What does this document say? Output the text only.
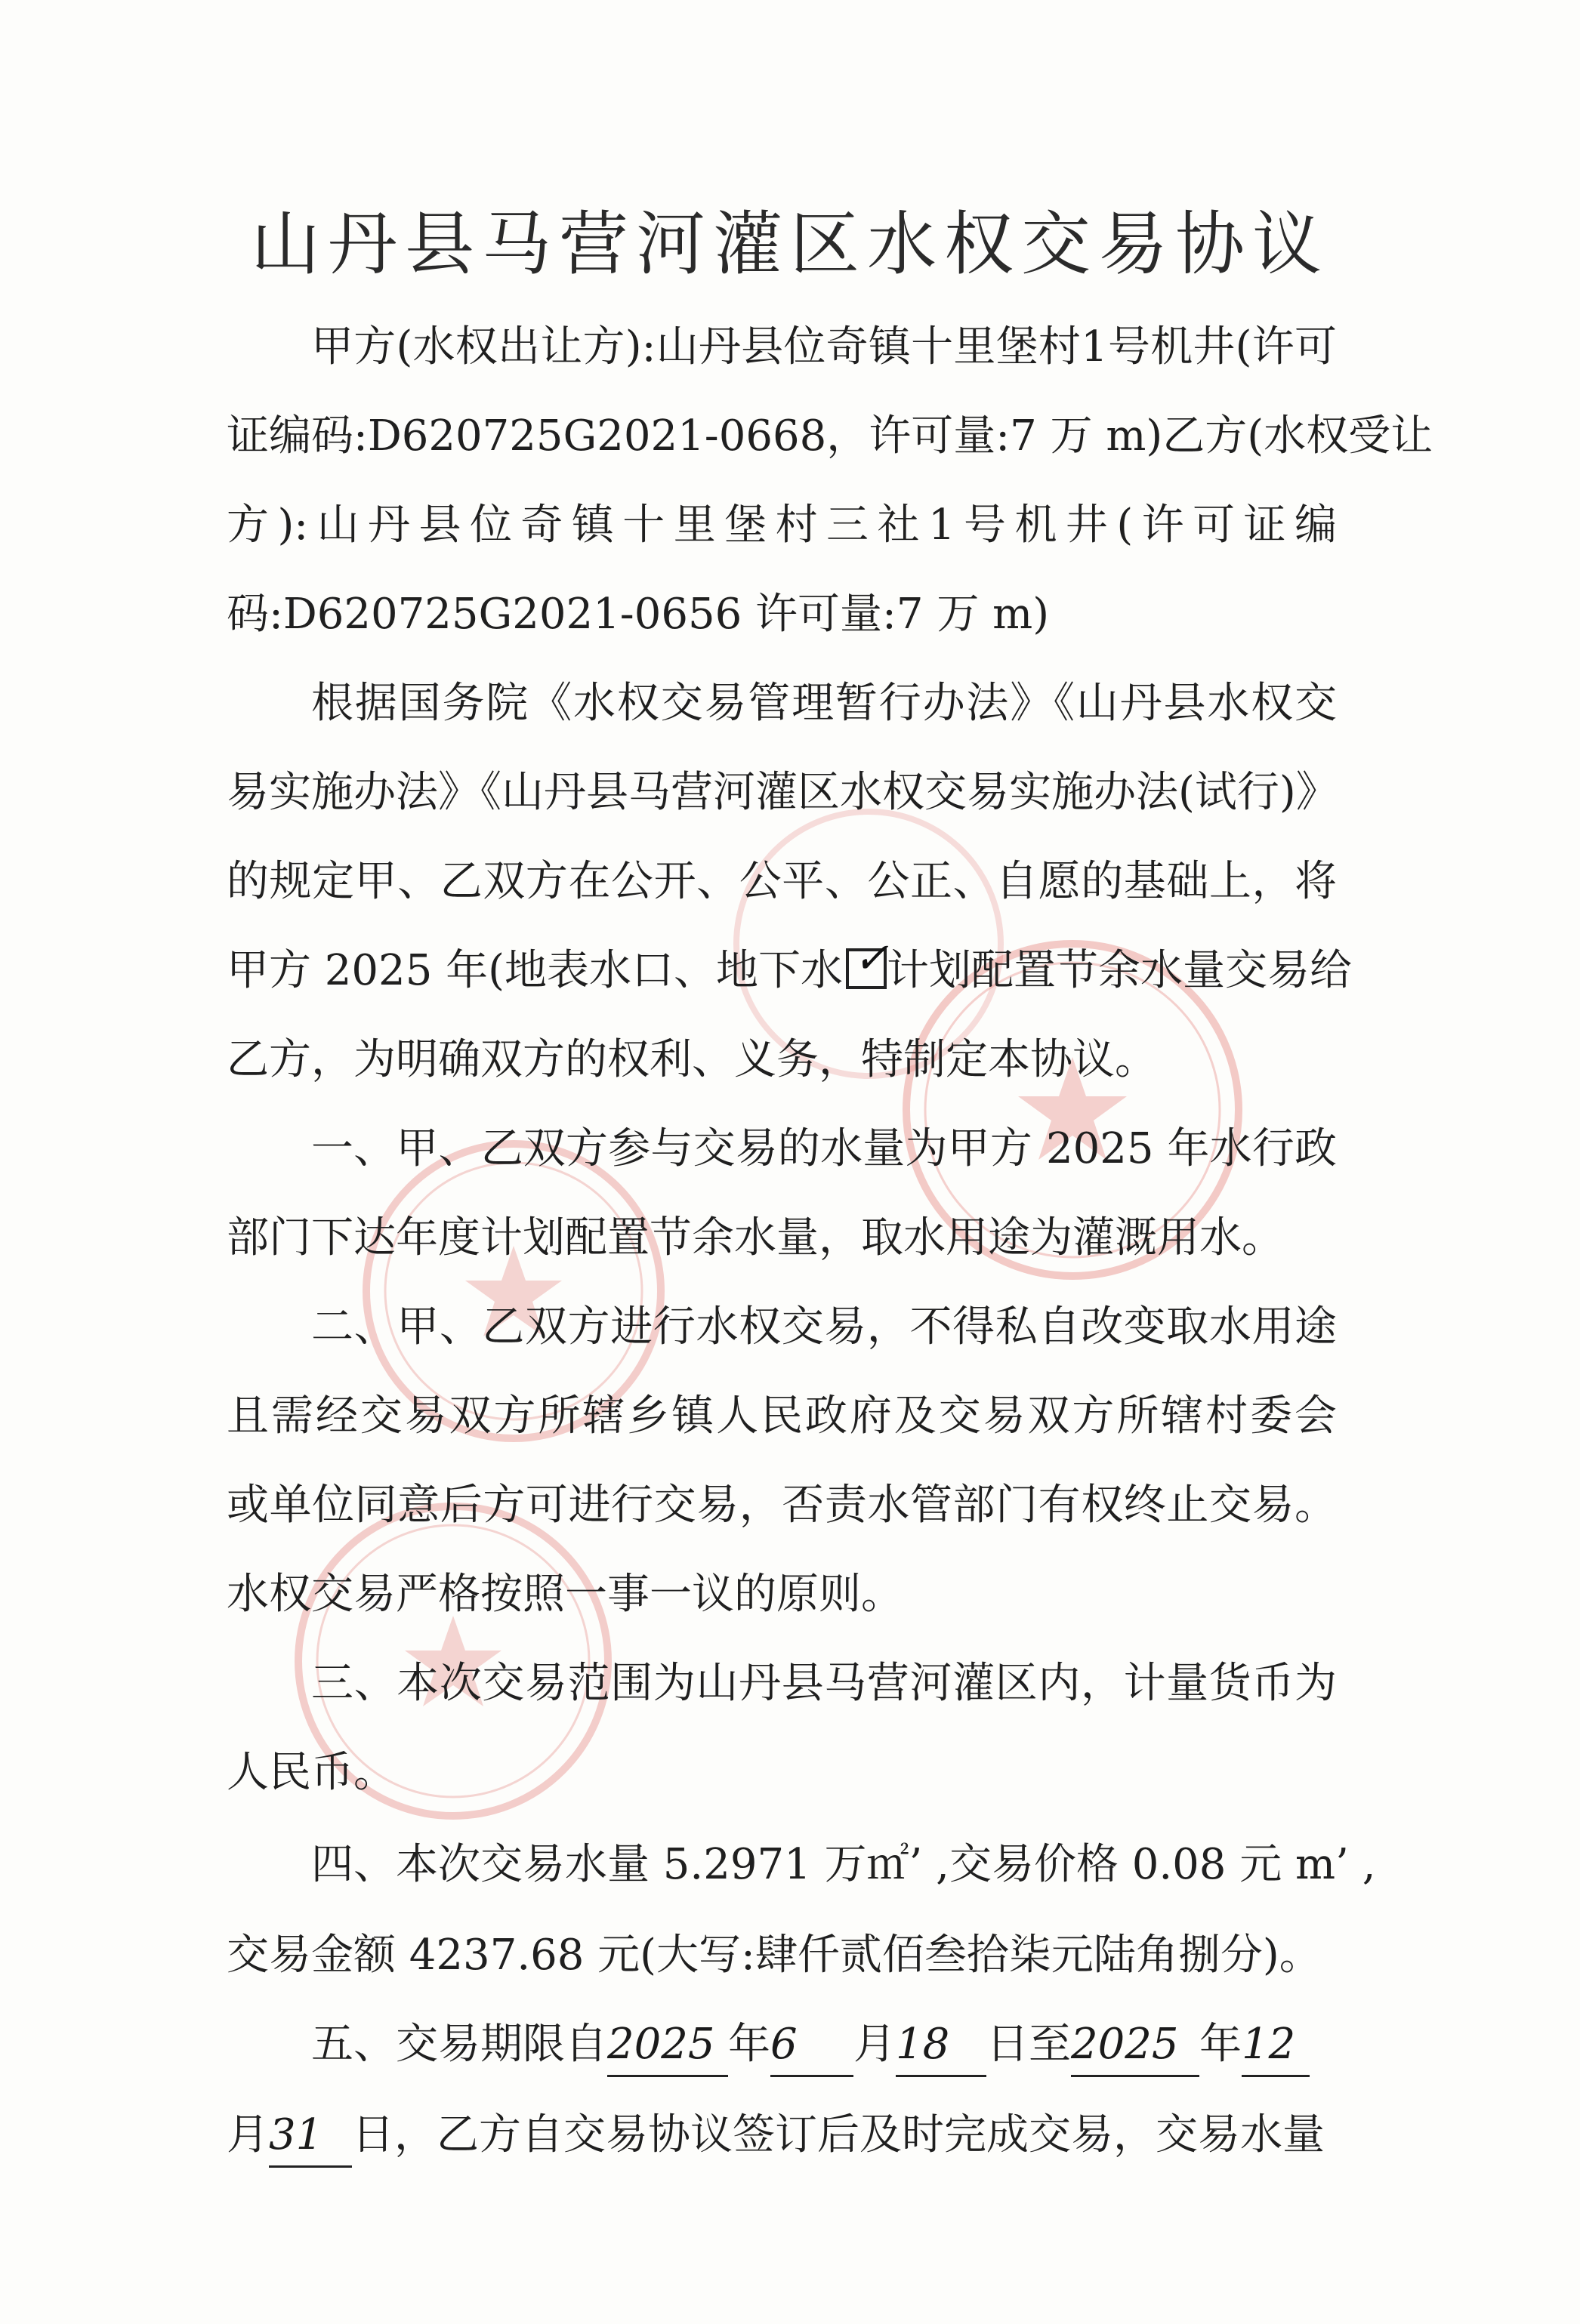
山丹县马营河灌区水权交易协议
甲方(水权出让方):山丹县位奇镇十里堡村1号机井(许可
证编码:D620725G2021-0668，许可量:7 万 m)乙方(水权受让
方):山丹县位奇镇十里堡村三社1号机井(许可证编
码:D620725G2021-0656 许可量:7 万 m)
根据国务院《水权交易管理暂行办法》《山丹县水权交
易实施办法》《山丹县马营河灌区水权交易实施办法(试行)》
的规定甲、乙双方在公开、公平、公正、自愿的基础上，将
甲方 2025 年(地表水口、地下水 ✓
计划配置节余水量交易给
乙方，为明确双方的权利、义务，特制定本协议。
一、甲、乙双方参与交易的水量为甲方 2025 年水行政
部门下达年度计划配置节余水量，取水用途为灌溉用水。
二、甲、乙双方进行水权交易，不得私自改变取水用途
且需经交易双方所辖乡镇人民政府及交易双方所辖村委会
或单位同意后方可进行交易，否责水管部门有权终止交易。
水权交易严格按照一事一议的原则。
三、本次交易范围为山丹县马营河灌区内，计量货币为
人民币。
四、本次交易水量 5.2971 万㎡’ ,交易价格 0.08 元 m’ ,
交易金额 4237.68 元(大写:肆仟贰佰叁拾柒元陆角捌分)。
五、交易期限自2025 年6 月18 日至2025 年12
月31 日，乙方自交易协议签订后及时完成交易，交易水量
